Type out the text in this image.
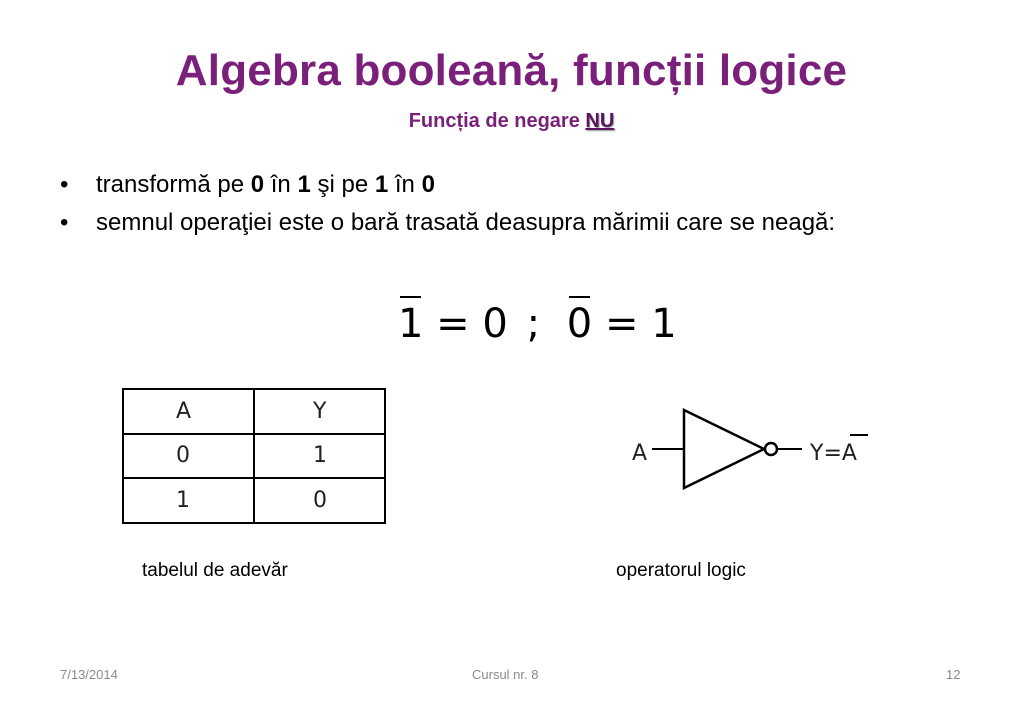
Algebra booleană, funcții logice
Funcția de negare NU
• transformă pe 0 în 1 şi pe 1 în 0
• semnul operaţiei este o bară trasată deasupra mărimii care se neagă:
1 = 0 ; 0 = 1
A	Y
0	1
1	0
A	Y=A
tabelul de adevăr	operatorul logic
7/13/2014	Cursul nr. 8	12
